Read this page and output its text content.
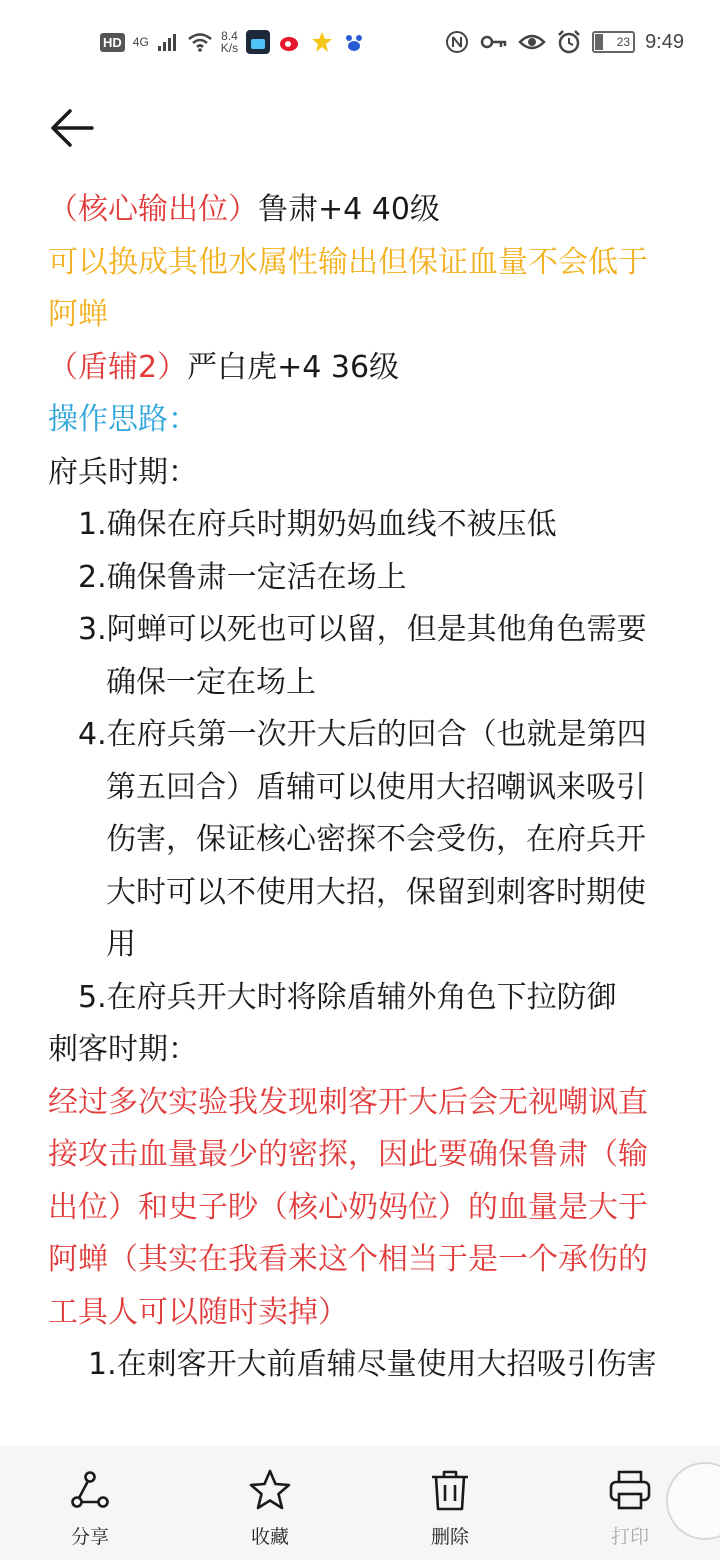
HD 4G	8.4
K/s	23 9:49

（核心输出位）鲁肃+4 40级

可以换成其他水属性输出但保证血量不会低于阿蝉

（盾辅2）严白虎+4 36级

操作思路：

府兵时期：

1.确保在府兵时期奶妈血线不被压低

2.确保鲁肃一定活在场上

3.阿蝉可以死也可以留，但是其他角色需要确保一定在场上

4.在府兵第一次开大后的回合（也就是第四第五回合）盾辅可以使用大招嘲讽来吸引伤害，保证核心密探不会受伤，在府兵开大时可以不使用大招，保留到刺客时期使用

5.在府兵开大时将除盾辅外角色下拉防御

刺客时期：

经过多次实验我发现刺客开大后会无视嘲讽直接攻击血量最少的密探，因此要确保鲁肃（输出位）和史子眇（核心奶妈位）的血量是大于阿蝉（其实在我看来这个相当于是一个承伤的工具人可以随时卖掉）

1.在刺客开大前盾辅尽量使用大招吸引伤害

分享	收藏	删除	打印
